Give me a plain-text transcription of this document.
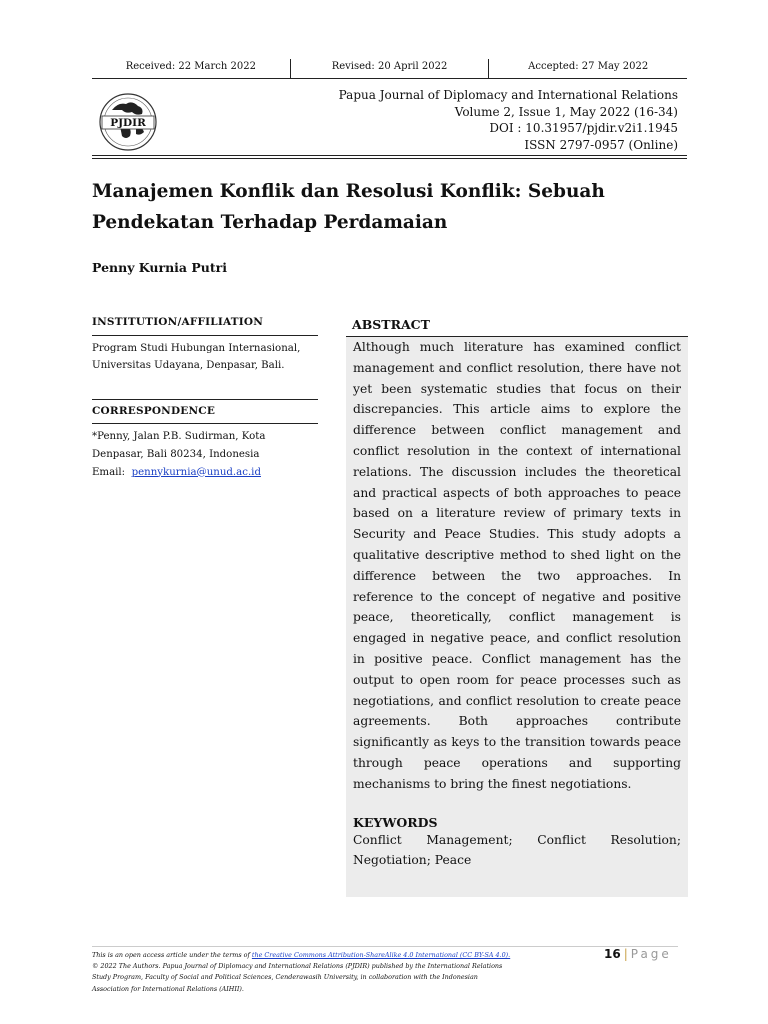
Received: 22 March 2022	Revised: 20 April 2022	Accepted: 27 May 2022
PJDIR
Papua Journal of Diplomacy and International Relations
Volume 2, Issue 1, May 2022 (16-34)
DOI : 10.31957/pjdir.v2i1.1945
ISSN 2797-0957 (Online)
Manajemen Konflik dan Resolusi Konflik: Sebuah
Pendekatan Terhadap Perdamaian
Penny Kurnia Putri
INSTITUTION/AFFILIATION
Program Studi Hubungan Internasional,
Universitas Udayana, Denpasar, Bali.
CORRESPONDENCE
*Penny, Jalan P.B. Sudirman, Kota
Denpasar, Bali 80234, Indonesia
Email: pennykurnia@unud.ac.id
ABSTRACT

Although much literature has examined conflict management and conflict resolution, there have not yet been systematic studies that focus on their discrepancies. This article aims to explore the difference between conflict management and conflict resolution in the context of international relations. The discussion includes the theoretical and practical aspects of both approaches to peace based on a literature review of primary texts in Security and Peace Studies. This study adopts a qualitative descriptive method to shed light on the difference between the two approaches. In reference to the concept of negative and positive peace, theoretically, conflict management is engaged in negative peace, and conflict resolution in positive peace. Conflict management has the output to open room for peace processes such as negotiations, and conflict resolution to create peace agreements. Both approaches contribute significantly as keys to the transition towards peace through peace operations and supporting mechanisms to bring the finest negotiations.

KEYWORDS

Conflict Management; Conflict Resolution; Negotiation; Peace

This is an open access article under the terms of the Creative Commons Attribution-ShareAlike 4.0 International (CC BY-SA 4.0).
© 2022 The Authors. Papua Journal of Diplomacy and International Relations (PJDIR) published by the International Relations
Study Program, Faculty of Social and Political Sciences, Cenderawasih University, in collaboration with the Indonesian
Association for International Relations (AIHII).
16 | Page
